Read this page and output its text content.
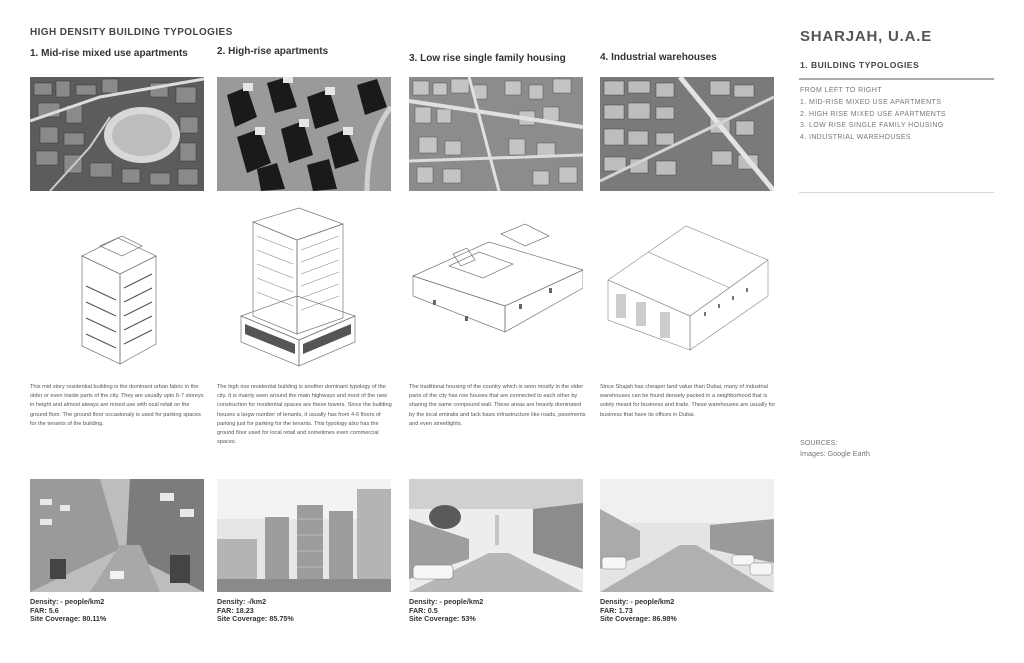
HIGH DENSITY BUILDING TYPOLOGIES
1. Mid-rise mixed use apartments	2. High-rise apartments
3. Low rise single family housing	4. Industrial warehouses
This mid story residential building is the dominant urban fabric in the older or even inside parts of the city. They are usually upto 6-7 storeys in height and almost always are mixed use with ocal retail on the ground floor. The ground floor occasionaly is used for parking spaces for the tenants of the building.
The high rise residential building is another dominant typology of the city. It is mainly seen around the main highways and most of the new construction for residential spaces are these towers. Since the building houses a largw number of tenants, it usually has from 4-6 floors of parking just for parking for the tenants. This typology also has the ground floor used for local retail and sometimes even commercial spaces.
The traditional housing of the country which is seen mostly in the older parts of the city has row houses that are connected to each other by sharing the same compound wall. These areas are heavily dominated by the local emiratis and lack basic infrastructure like roads, pavements and even streetlights.
Since Shajah has cheaper land value than Dubai, many of industrial warehouses can be found densely packed in a neighborhood that is solely meant for business and trade. These warehouses are usually for business that have its offices in Dubai.
Density: - people/km2
FAR: 5.6
Site Coverage: 80.11%
Density: -/km2
FAR: 18.23
Site Coverage: 85.75%
Density: - people/km2
FAR: 0.5
Site Coverage: 53%
Density: - people/km2
FAR: 1.73
Site Coverage: 86.98%
SHARJAH, U.A.E
1. BUILDING TYPOLOGIES
FROM LEFT TO RIGHT
1. MID-RISE MIXED USE APARTMENTS
2. HIGH RISE MIXED USE APARTMENTS
3. LOW RISE SINGLE FAMILY HOUSING
4. INDUSTRIAL WAREHOUSES
SOURCES:
Images: Google Earth
